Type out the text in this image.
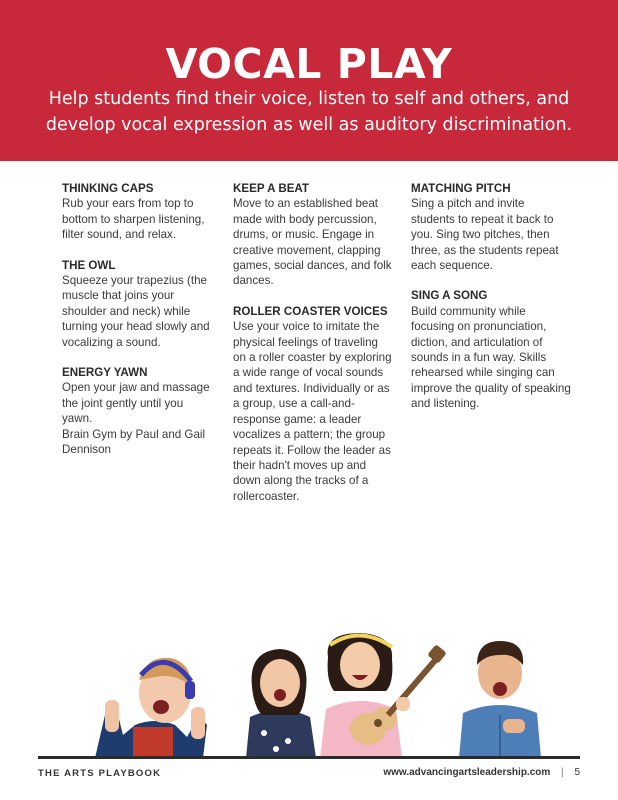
VOCAL PLAY
Help students find their voice, listen to self and others, and develop vocal expression as well as auditory discrimination.
THINKING CAPS

Rub your ears from top to bottom to sharpen listening, filter sound, and relax.

THE OWL

Squeeze your trapezius (the muscle that joins your shoulder and neck) while turning your head slowly and vocalizing a sound.

ENERGY YAWN

Open your jaw and massage the joint gently until you yawn.

Brain Gym by Paul and Gail Dennison

KEEP A BEAT

Move to an established beat made with body percussion, drums, or music. Engage in creative movement, clapping games, social dances, and folk dances.

ROLLER COASTER VOICES

Use your voice to imitate the physical feelings of traveling on a roller coaster by exploring a wide range of vocal sounds and textures. Individually or as a group, use a call-and-response game: a leader vocalizes a pattern; the group repeats it. Follow the leader as their hadn't moves up and down along the tracks of a rollercoaster.

MATCHING PITCH

Sing a pitch and invite students to repeat it back to you. Sing two pitches, then three, as the students repeat each sequence.

SING A SONG

Build community while focusing on pronunciation, diction, and articulation of sounds in a fun way. Skills rehearsed while singing can improve the quality of speaking and listening.

THE ARTS PLAYBOOK	www.advancingartsleadership.com | 5
